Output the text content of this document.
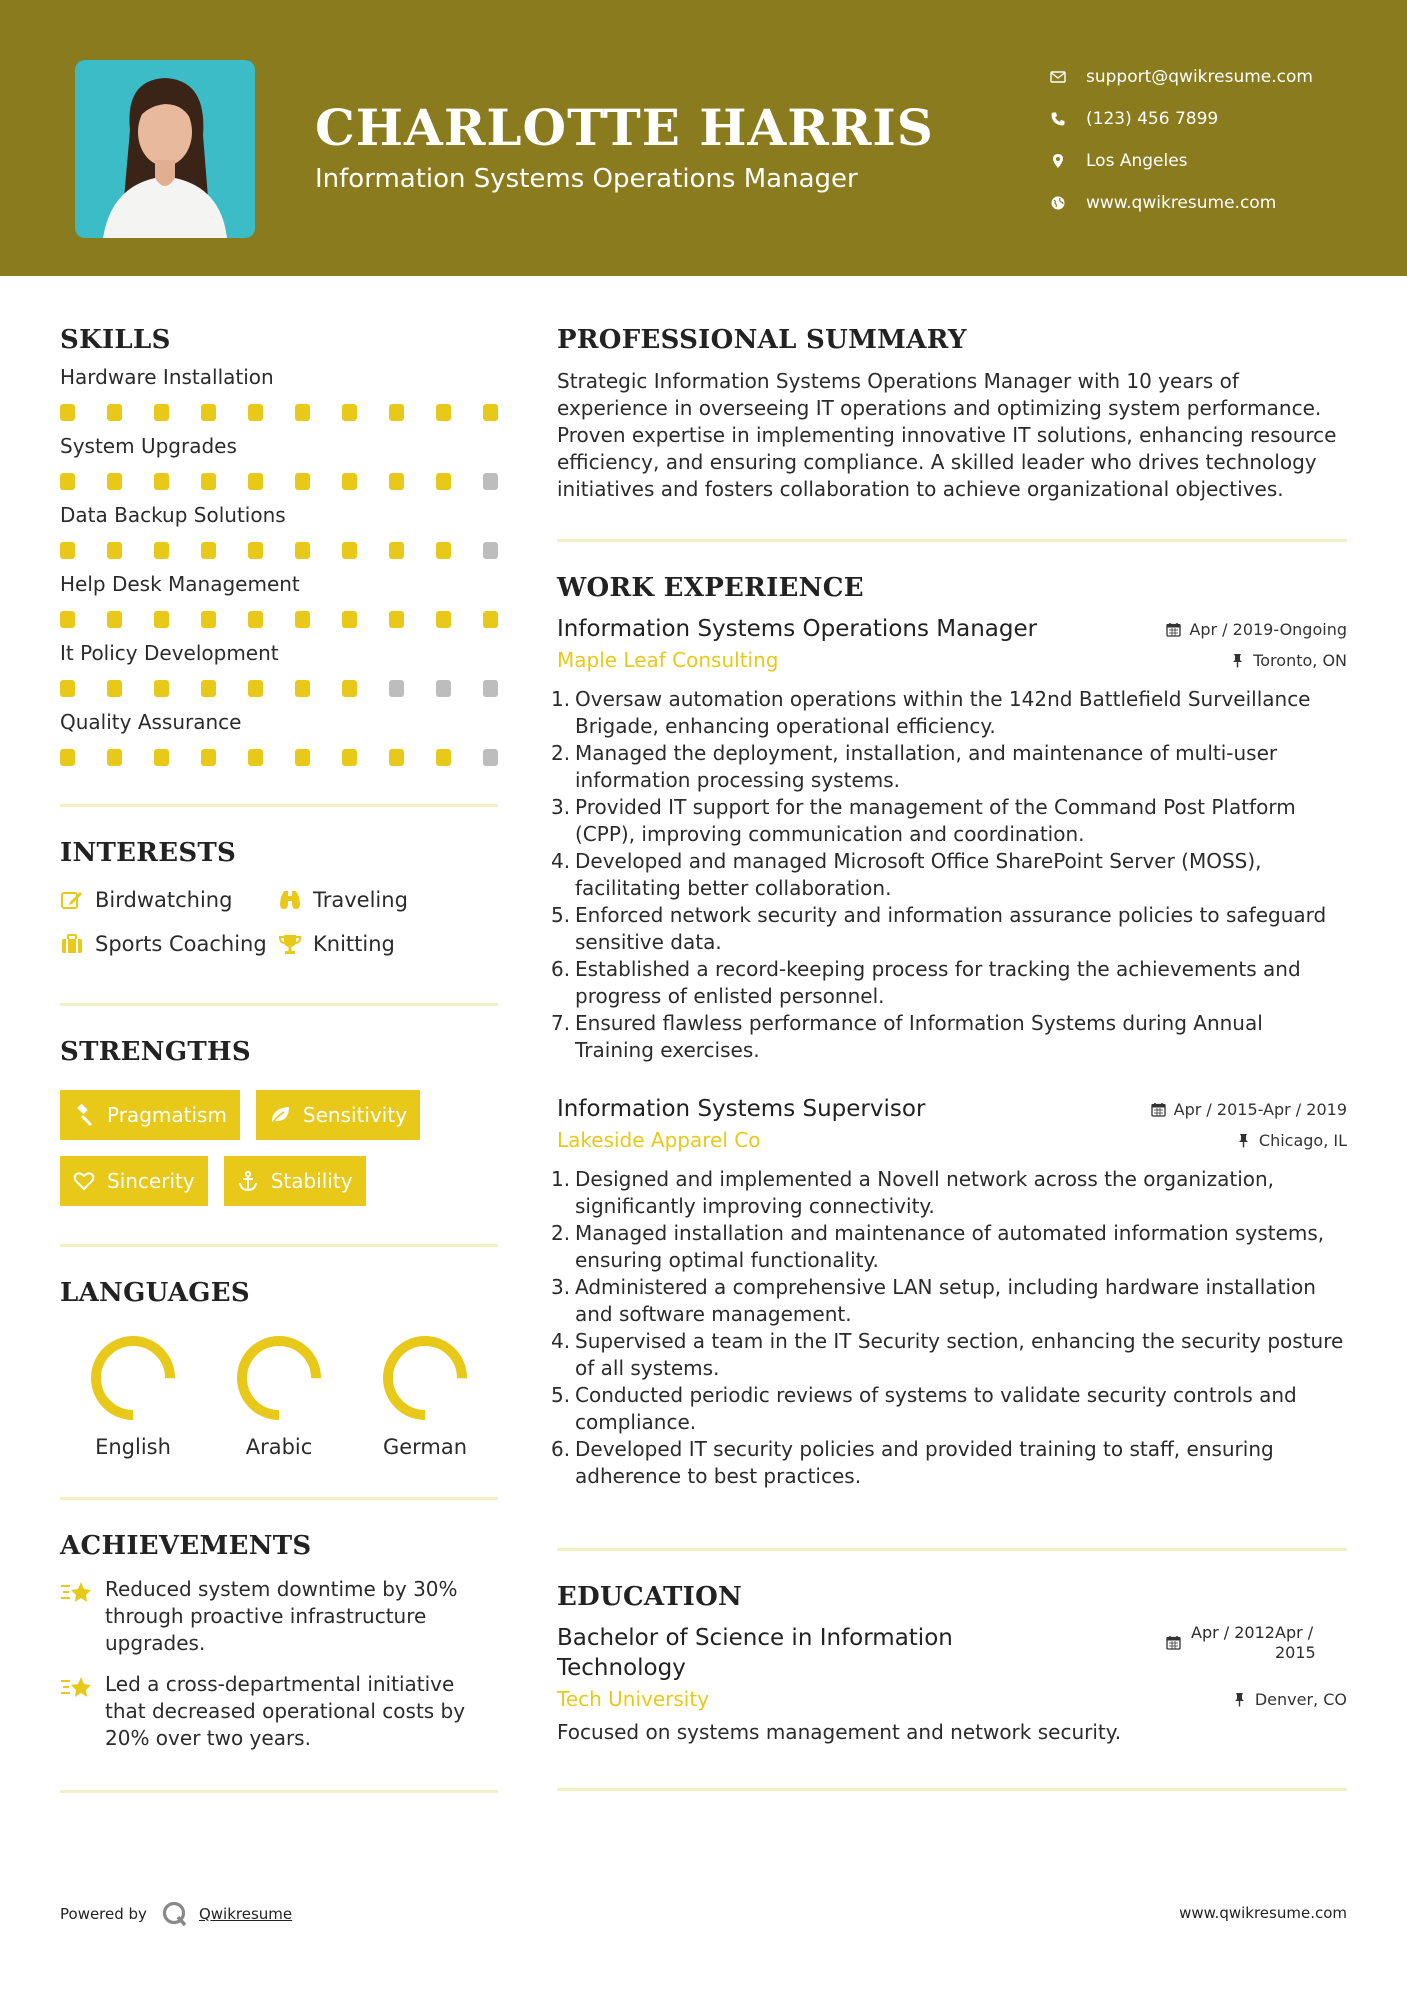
CHARLOTTE HARRIS
Information Systems Operations Manager
support@qwikresume.com
(123) 456 7899
Los Angeles
www.qwikresume.com
SKILLS
Hardware Installation
System Upgrades
Data Backup Solutions
Help Desk Management
It Policy Development
Quality Assurance
INTERESTS
Birdwatching	Traveling
Sports Coaching Knitting
STRENGTHS
Pragmatism	Sensitivity
Sincerity	Stability
LANGUAGES
English	Arabic	German
ACHIEVEMENTS
Reduced system downtime by 30% through proactive infrastructure upgrades.
Led a cross-departmental initiative that decreased operational costs by 20% over two years.
PROFESSIONAL SUMMARY
Strategic Information Systems Operations Manager with 10 years of experience in overseeing IT operations and optimizing system performance. Proven expertise in implementing innovative IT solutions, enhancing resource efficiency, and ensuring compliance. A skilled leader who drives technology initiatives and fosters collaboration to achieve organizational objectives.
WORK EXPERIENCE
Information Systems Operations Manager	Apr / 2019-Ongoing
Maple Leaf Consulting	Toronto, ON
1. Oversaw automation operations within the 142nd Battlefield Surveillance Brigade, enhancing operational efficiency.
2. Managed the deployment, installation, and maintenance of multi-user information processing systems.
3. Provided IT support for the management of the Command Post Platform (CPP), improving communication and coordination.
4. Developed and managed Microsoft Office SharePoint Server (MOSS), facilitating better collaboration.
5. Enforced network security and information assurance policies to safeguard sensitive data.
6. Established a record-keeping process for tracking the achievements and progress of enlisted personnel.
7. Ensured flawless performance of Information Systems during Annual Training exercises.
Information Systems Supervisor	Apr / 2015-Apr / 2019
Lakeside Apparel Co	Chicago, IL
1. Designed and implemented a Novell network across the organization, significantly improving connectivity.
2. Managed installation and maintenance of automated information systems, ensuring optimal functionality.
3. Administered a comprehensive LAN setup, including hardware installation and software management.
4. Supervised a team in the IT Security section, enhancing the security posture of all systems.
5. Conducted periodic reviews of systems to validate security controls and compliance.
6. Developed IT security policies and provided training to staff, ensuring adherence to best practices.
EDUCATION
Bachelor of Science in Information Technology
Apr / 2012 Apr / 2015
Tech University	Denver, CO
Focused on systems management and network security.
Powered by	Qwikresume	www.qwikresume.com
